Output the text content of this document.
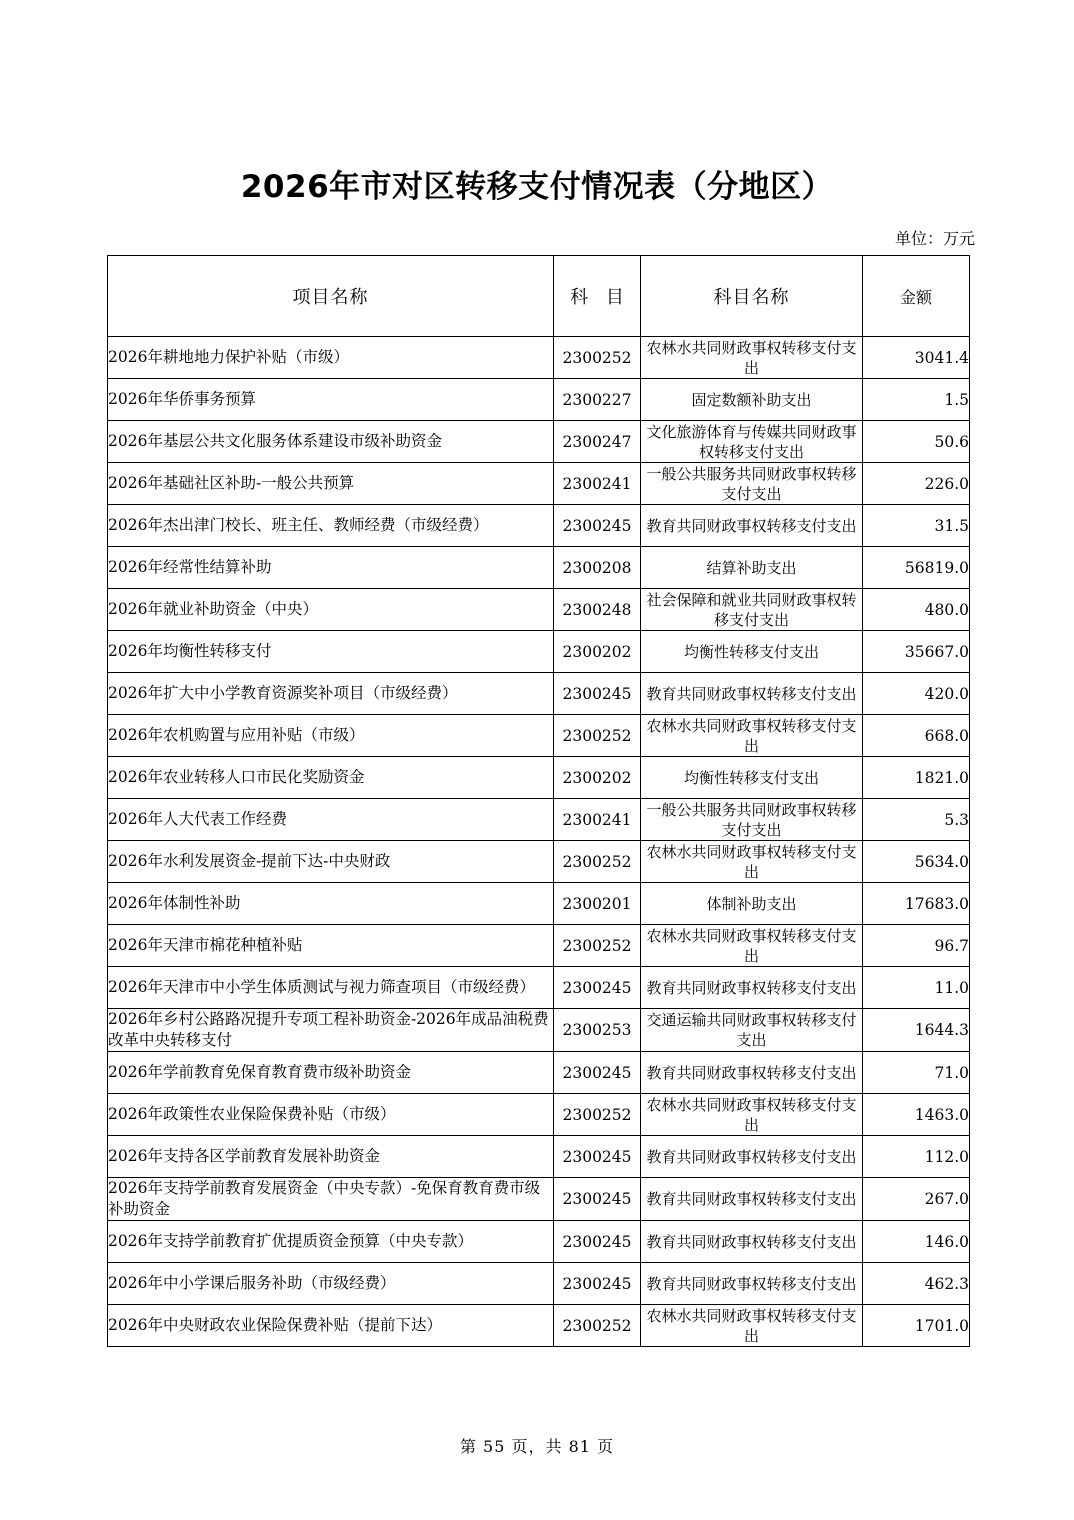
2026年市对区转移支付情况表（分地区）
单位：万元
项目名称	科 目	科目名称	金额
2026年耕地地力保护补贴（市级）	2300252	农林水共同财政事权转移支付支出	3041.4
2026年华侨事务预算	2300227	固定数额补助支出	1.5
2026年基层公共文化服务体系建设市级补助资金	2300247	文化旅游体育与传媒共同财政事权转移支付支出	50.6
2026年基础社区补助-一般公共预算	2300241	一般公共服务共同财政事权转移支付支出	226.0
2026年杰出津门校长、班主任、教师经费（市级经费）	2300245	教育共同财政事权转移支付支出	31.5
2026年经常性结算补助	2300208	结算补助支出	56819.0
2026年就业补助资金（中央）	2300248	社会保障和就业共同财政事权转移支付支出	480.0
2026年均衡性转移支付	2300202	均衡性转移支付支出	35667.0
2026年扩大中小学教育资源奖补项目（市级经费）	2300245	教育共同财政事权转移支付支出	420.0
2026年农机购置与应用补贴（市级）	2300252	农林水共同财政事权转移支付支出	668.0
2026年农业转移人口市民化奖励资金	2300202	均衡性转移支付支出	1821.0
2026年人大代表工作经费	2300241	一般公共服务共同财政事权转移支付支出	5.3
2026年水利发展资金-提前下达-中央财政	2300252	农林水共同财政事权转移支付支出	5634.0
2026年体制性补助	2300201	体制补助支出	17683.0
2026年天津市棉花种植补贴	2300252	农林水共同财政事权转移支付支出	96.7
2026年天津市中小学生体质测试与视力筛查项目（市级经费）	2300245	教育共同财政事权转移支付支出	11.0
2026年乡村公路路况提升专项工程补助资金-2026年成品油税费改革中央转移支付	2300253	交通运输共同财政事权转移支付支出	1644.3
2026年学前教育免保育教育费市级补助资金	2300245	教育共同财政事权转移支付支出	71.0
2026年政策性农业保险保费补贴（市级）	2300252	农林水共同财政事权转移支付支出	1463.0
2026年支持各区学前教育发展补助资金	2300245	教育共同财政事权转移支付支出	112.0
2026年支持学前教育发展资金（中央专款）-免保育教育费市级补助资金	2300245	教育共同财政事权转移支付支出	267.0
2026年支持学前教育扩优提质资金预算（中央专款）	2300245	教育共同财政事权转移支付支出	146.0
2026年中小学课后服务补助（市级经费）	2300245	教育共同财政事权转移支付支出	462.3
2026年中央财政农业保险保费补贴（提前下达）	2300252	农林水共同财政事权转移支付支出	1701.0
第 55 页，共 81 页
